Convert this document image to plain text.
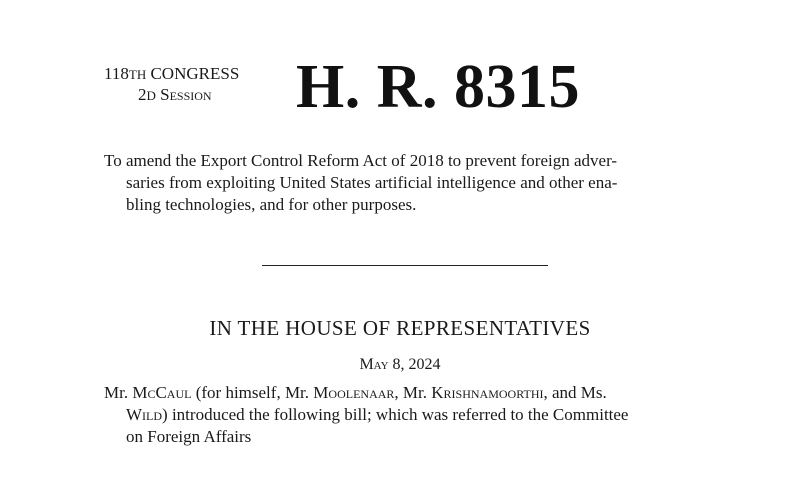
118TH CONGRESS
2D Session	H. R. 8315
To amend the Export Control Reform Act of 2018 to prevent foreign adver-
saries from exploiting United States artificial intelligence and other ena-
bling technologies, and for other purposes.
IN THE HOUSE OF REPRESENTATIVES
May 8, 2024
Mr. McCaul (for himself, Mr. Moolenaar, Mr. Krishnamoorthi, and Ms.
Wild) introduced the following bill; which was referred to the Committee
on Foreign Affairs
